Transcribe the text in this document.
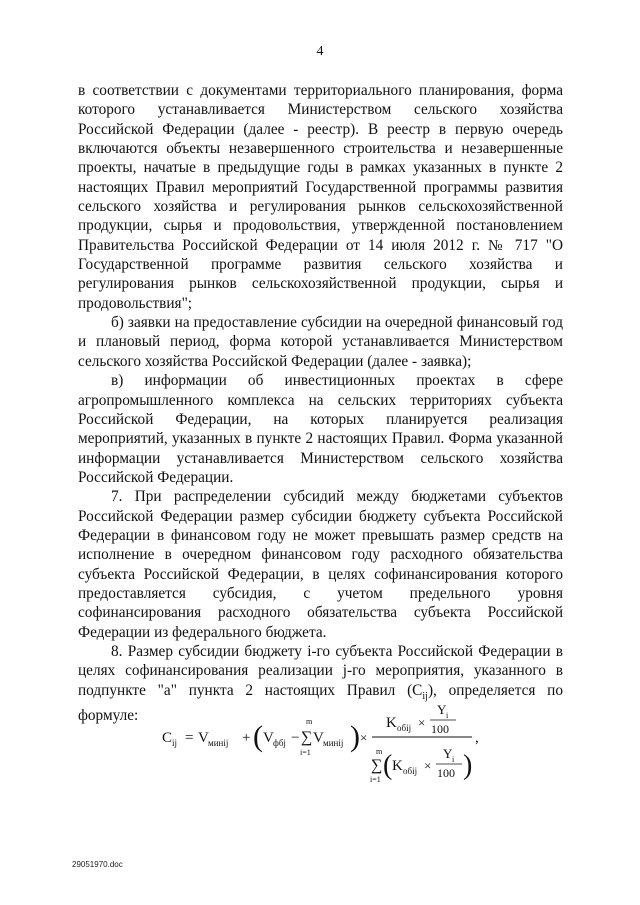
4

в соответствии с документами территориального планирования, форма которого устанавливается Министерством сельского хозяйства Российской Федерации (далее - реестр). В реестр в первую очередь включаются объекты незавершенного строительства и незавершенные проекты, начатые в предыдущие годы в рамках указанных в пункте 2 настоящих Правил мероприятий Государственной программы развития сельского хозяйства и регулирования рынков сельскохозяйственной продукции, сырья и продовольствия, утвержденной постановлением Правительства Российской Федерации от 14 июля 2012 г. № 717 "О Государственной программе развития сельского хозяйства и регулирования рынков сельскохозяйственной продукции, сырья и продовольствия";

б) заявки на предоставление субсидии на очередной финансовый год и плановый период, форма которой устанавливается Министерством сельского хозяйства Российской Федерации (далее - заявка);

в) информации об инвестиционных проектах в сфере агропромышленного комплекса на сельских территориях субъекта Российской Федерации, на которых планируется реализация мероприятий, указанных в пункте 2 настоящих Правил. Форма указанной информации устанавливается Министерством сельского хозяйства Российской Федерации.

7. При распределении субсидий между бюджетами субъектов Российской Федерации размер субсидии бюджету субъекта Российской Федерации в финансовом году не может превышать размер средств на исполнение в очередном финансовом году расходного обязательства субъекта Российской Федерации, в целях софинансирования которого предоставляется субсидия, с учетом предельного уровня софинансирования расходного обязательства субъекта Российской Федерации из федерального бюджета.

8. Размер субсидии бюджету i-го субъекта Российской Федерации в целях софинансирования реализации j-го мероприятия, указанного в подпункте "а" пункта 2 настоящих Правил $(C_{ij})$, определяется по формуле:

C ij = V минij + ( V фбj −
m
∑
i=1
V минij ) ×
K обij ×
Y i
100
m
∑
i=1 ( K обij ×
Y i
100 )
,
29051970.doc
